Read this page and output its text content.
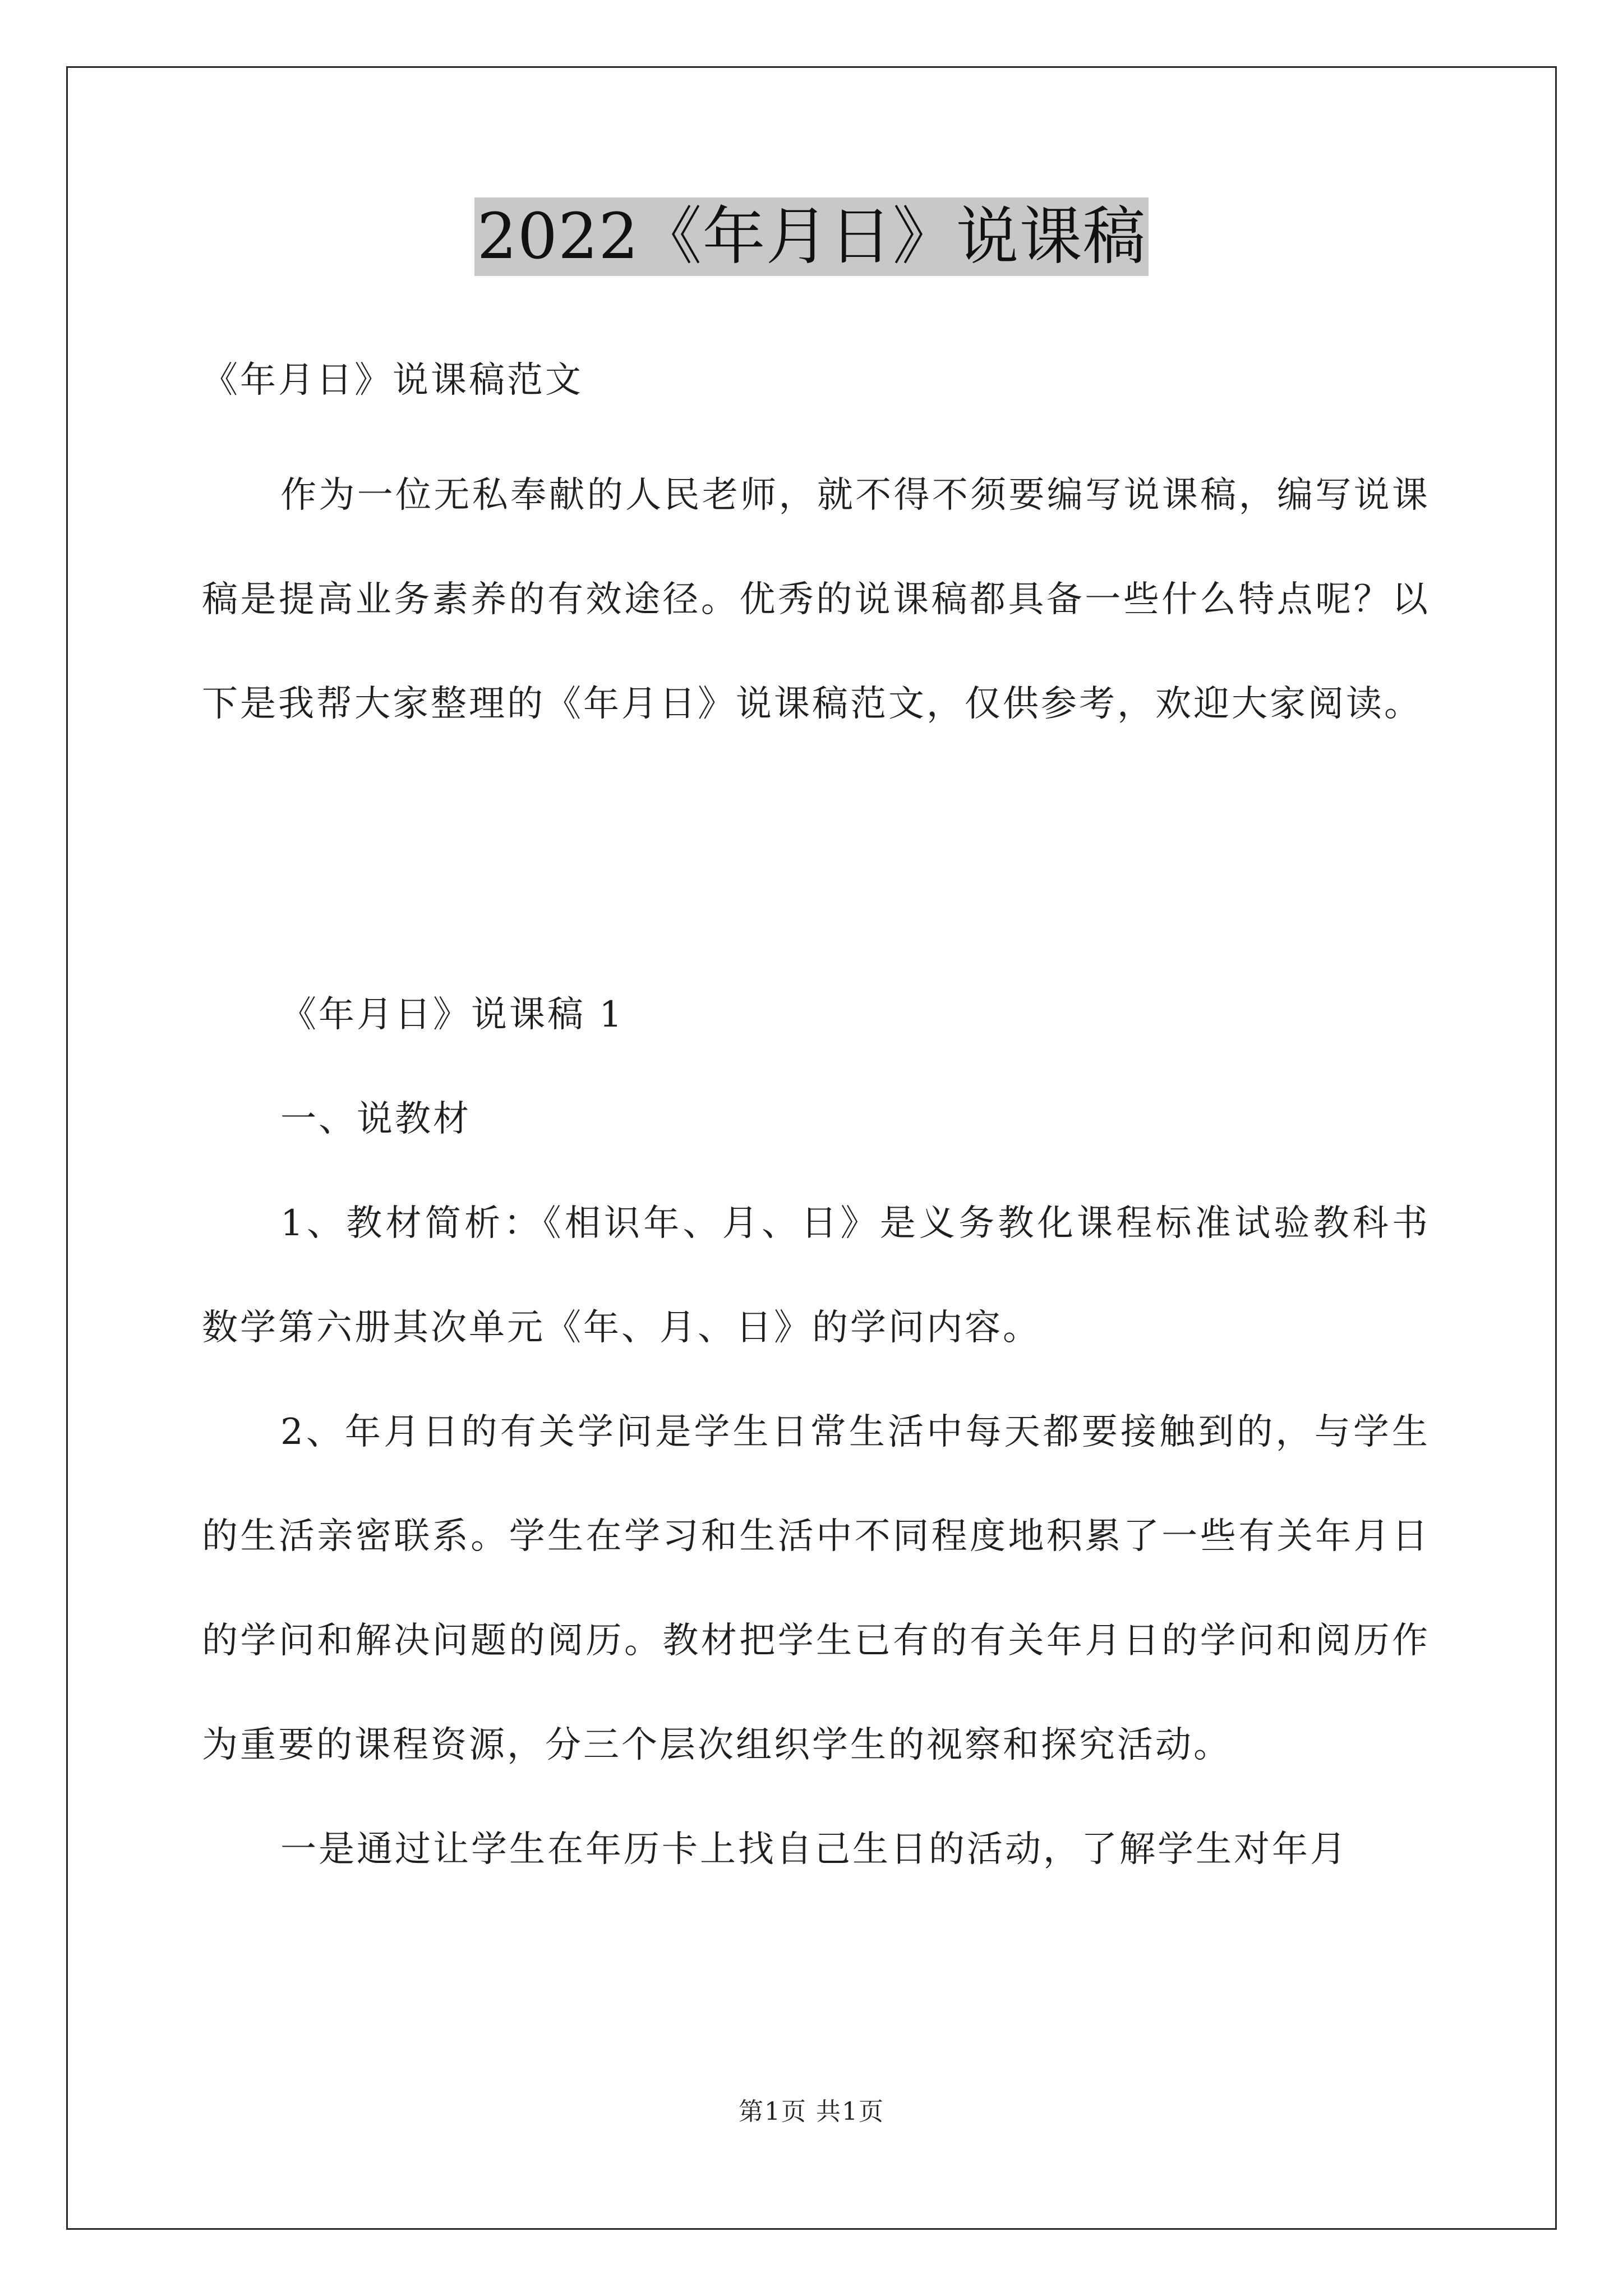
2022《年月日》说课稿

《年月日》说课稿范文

作为一位无私奉献的人民老师，就不得不须要编写说课稿，编写说课稿是提高业务素养的有效途径。优秀的说课稿都具备一些什么特点呢？以下是我帮大家整理的《年月日》说课稿范文，仅供参考，欢迎大家阅读。

《年月日》说课稿 1

一、说教材

1、教材简析：《相识年、月、日》是义务教化课程标准试验教科书数学第六册其次单元《年、月、日》的学问内容。

2、年月日的有关学问是学生日常生活中每天都要接触到的，与学生的生活亲密联系。学生在学习和生活中不同程度地积累了一些有关年月日的学问和解决问题的阅历。教材把学生已有的有关年月日的学问和阅历作为重要的课程资源，分三个层次组织学生的视察和探究活动。

一是通过让学生在年历卡上找自己生日的活动，了解学生对年月

第1页 共1页
